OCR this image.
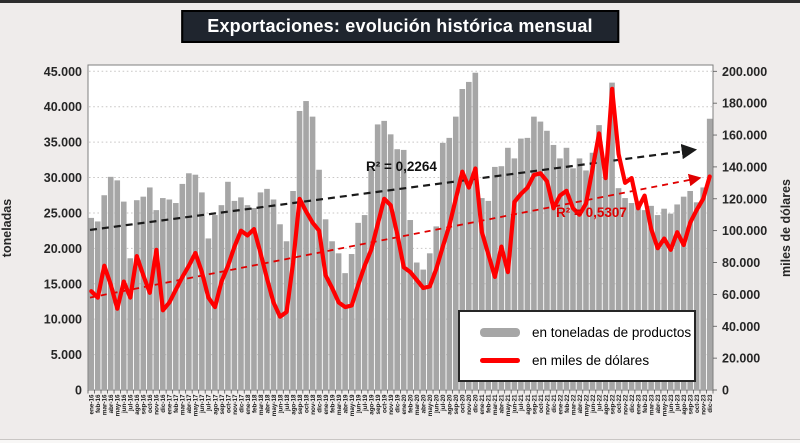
45.000
40.000
35.000
30.000
25.000
20.000
15.000
10.000
5.000
0
200.000
180.000
160.000
140.000
120.000
100.000
80.000
60.000
40.000
20.000
0
ene-16 feb-16 mar-16 abr-16 may-16 jun-16 jul-16 ago-16 sep-16 oct-16 nov-16 dic-16 ene-17 feb-17 mar-17 abr-17 may-17 jun-17 jul-17 ago-17 sep-17 oct-17 nov-17 dic-17 ene-18 feb-18 mar-18 abr-18 may-18 jun-18 jul-18 ago-18 sep-18 oct-18 nov-18 dic-18 ene-19 feb-19 mar-19 abr-19 may-19 jun-19 jul-19 ago-19 sep-19 oct-19 nov-19 dic-19 ene-20 feb-20 mar-20 abr-20 may-20 jun-20 jul-20 ago-20 sep-20 oct-20 nov-20 dic-20 ene-21 feb-21 mar-21 abr-21 may-21 jun-21 jul-21 ago-21 sep-21 oct-21 nov-21 dic-21 ene-22 feb-22 mar-22 abr-22 may-22 jun-22 jul-22 ago-22 sep-22 oct-22 nov-22 dic-22 ene-23 feb-23 mar-23 abr-23 may-23 jun-23 jul-23 ago-23 sep-23 oct-23 nov-23 dic-23
Exportaciones: evolución histórica mensual
toneladas	miles de dólares
R² = 0,2264
R² = 0,5307
en toneladas de productos
en miles de dólares
